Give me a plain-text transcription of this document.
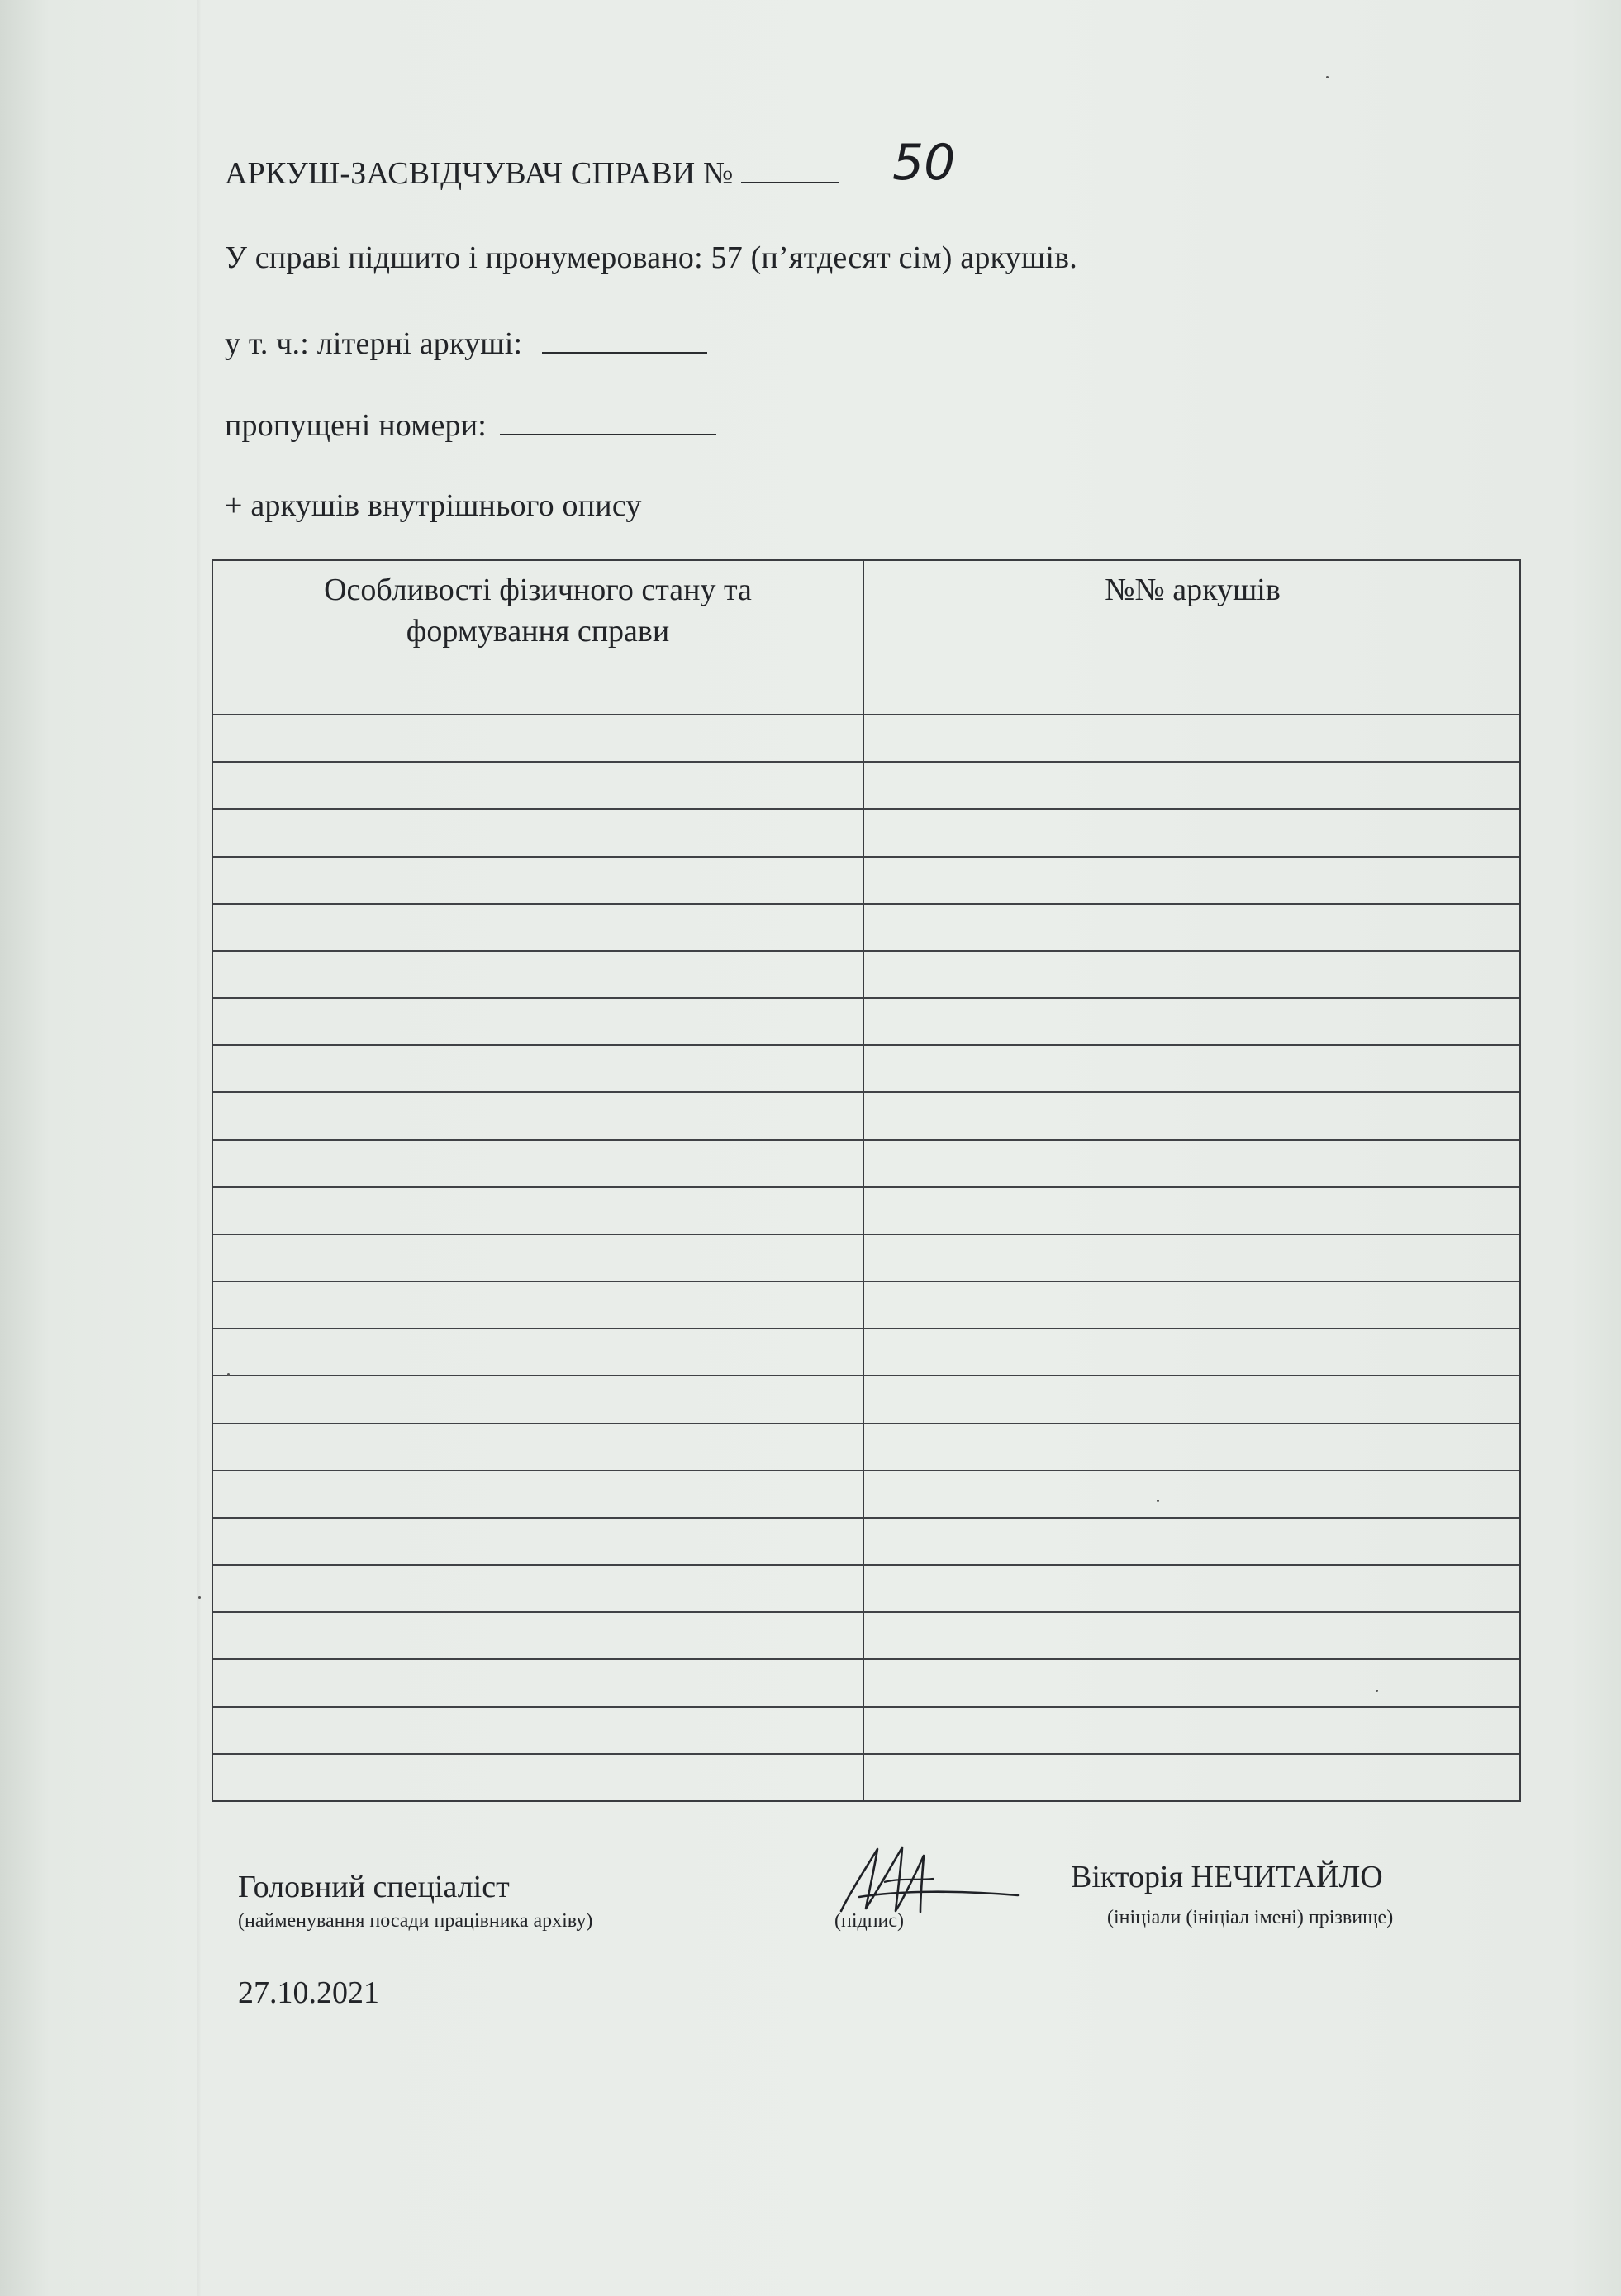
АРКУШ-ЗАСВІДЧУВАЧ СПРАВИ №	50
У справі підшито і пронумеровано: 57 (п’ятдесят сім) аркушів.
у т. ч.: літерні аркуші:
пропущені номери:
+ аркушів внутрішнього опису
Особливості фізичного стану та
формування справи
№№ аркушів
Головний спеціаліст
(найменування посади працівника архіву)	(підпис)
Вікторія НЕЧИТАЙЛО
(ініціали (ініціал імені) прізвище)
27.10.2021
